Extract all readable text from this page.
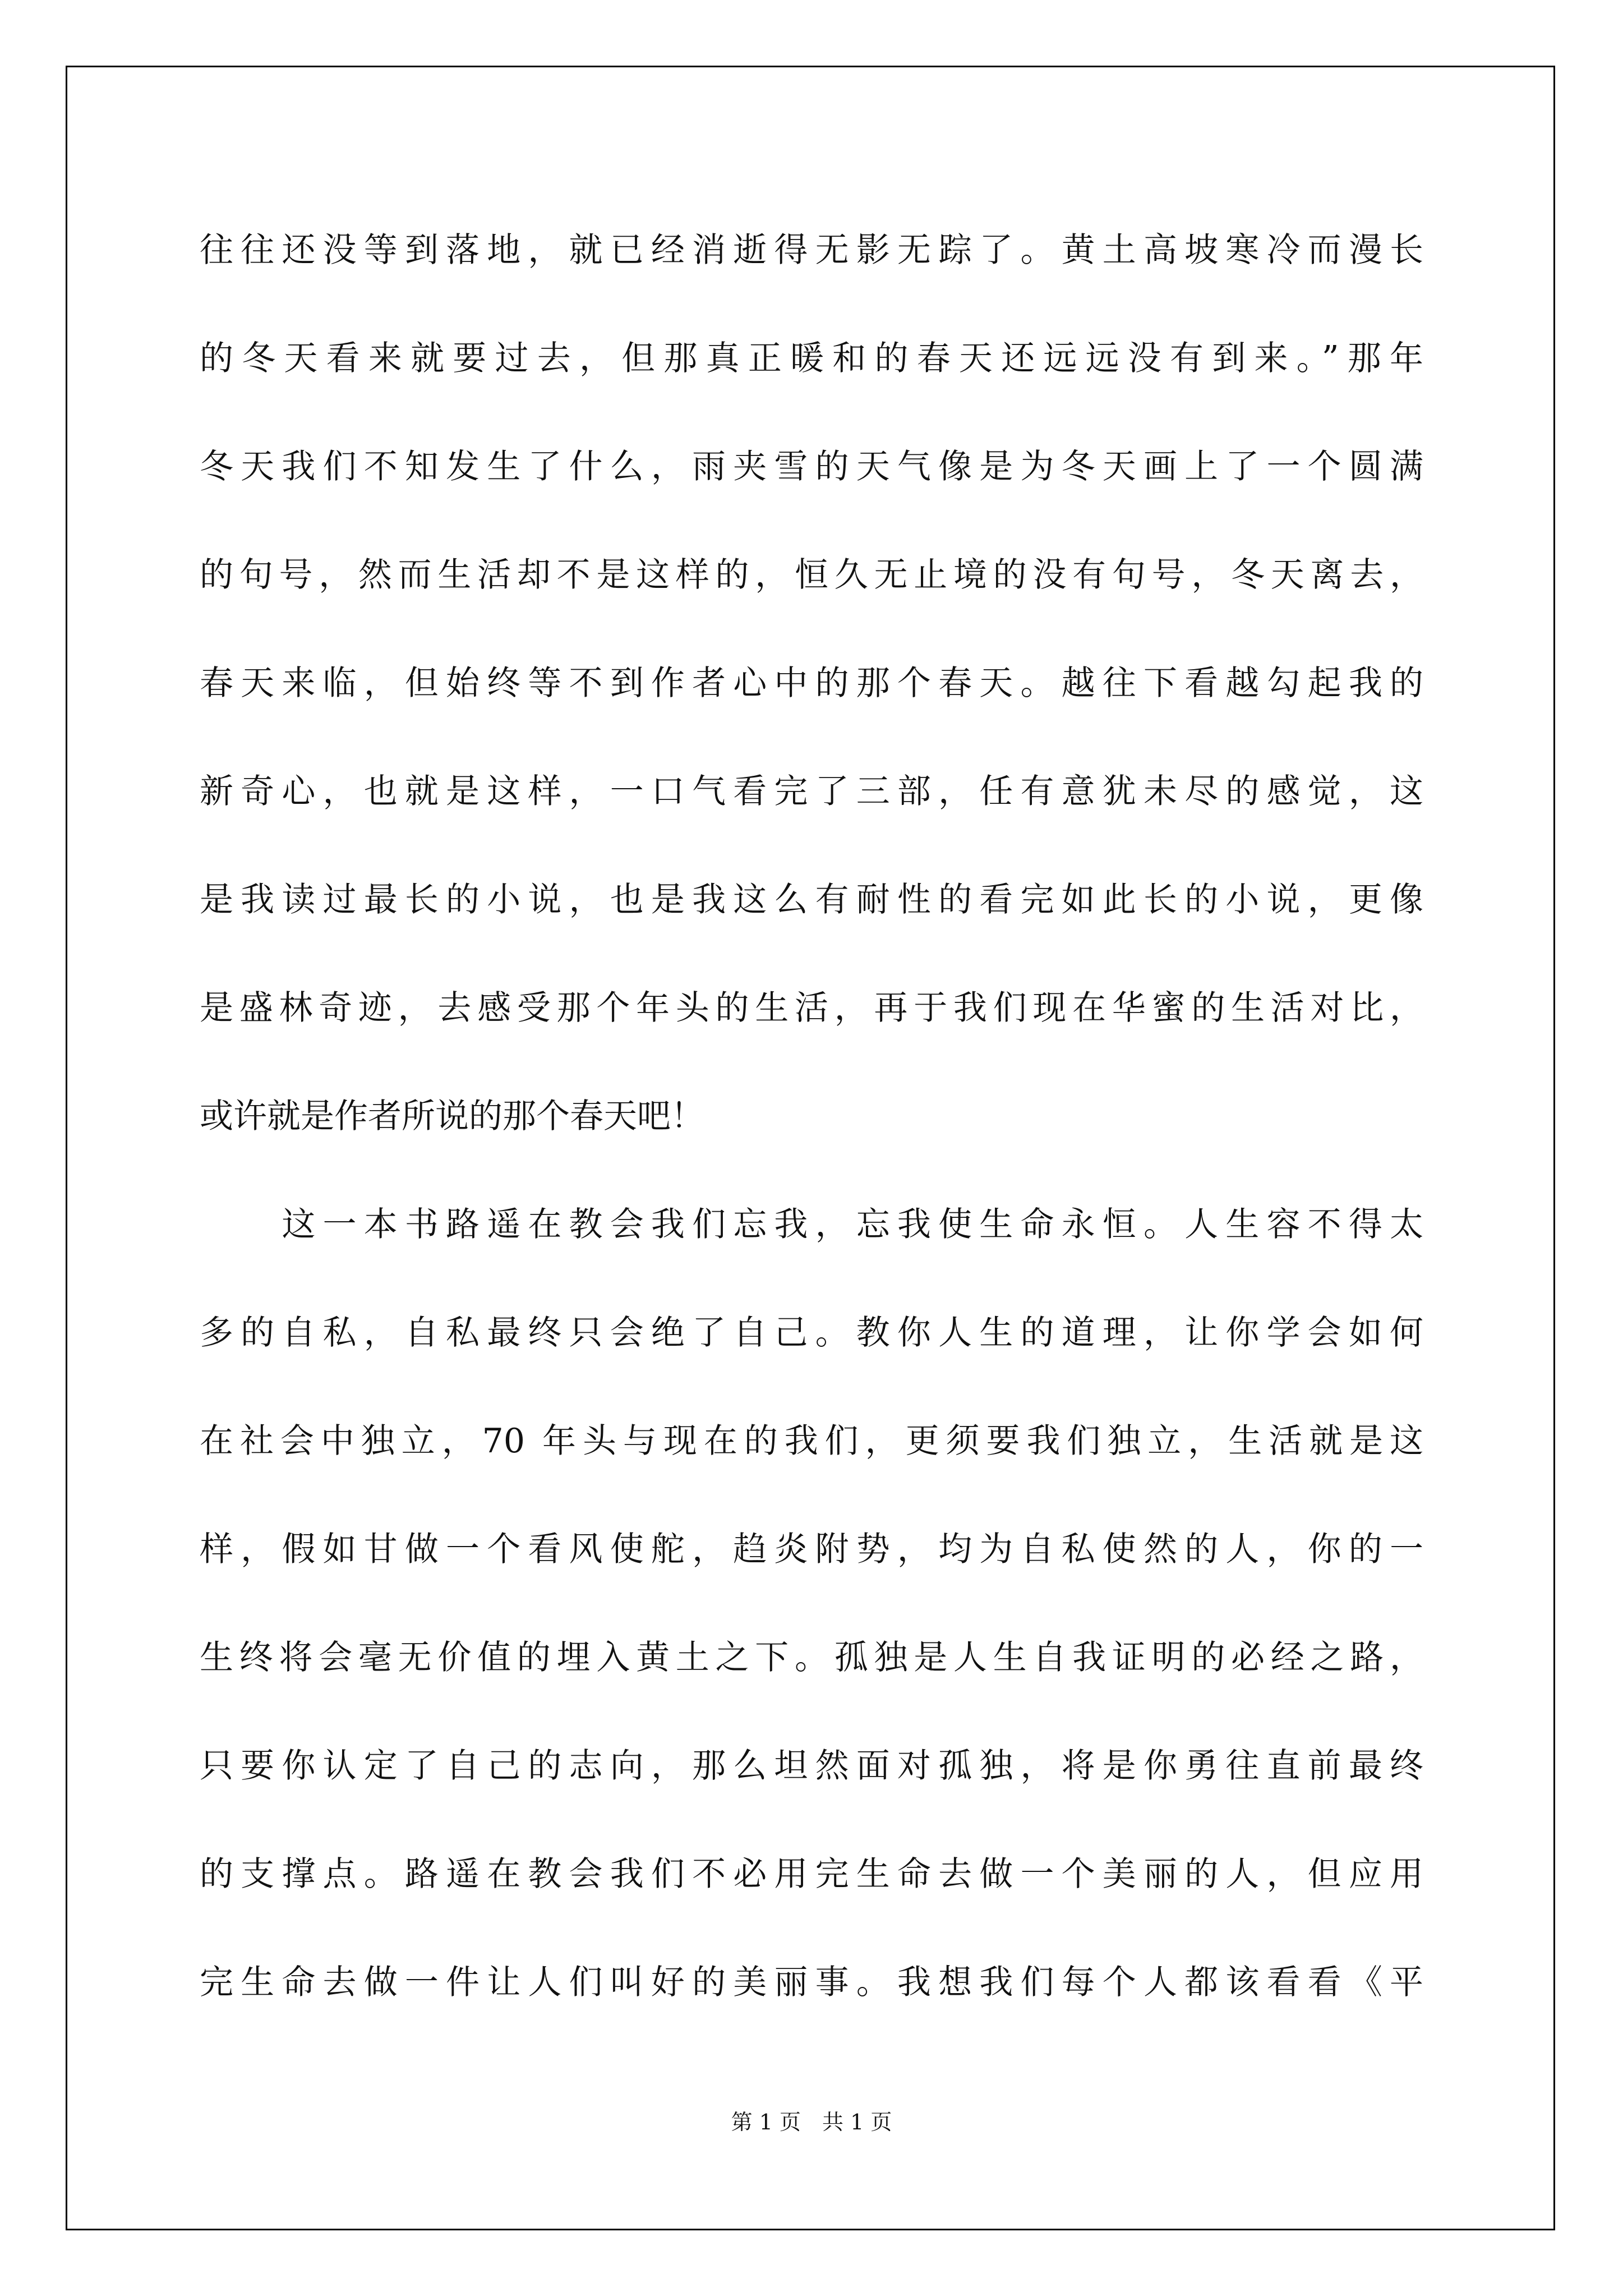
往往还没等到落地，就已经消逝得无影无踪了。黄土高坡寒冷而漫长
的冬天看来就要过去，但那真正暖和的春天还远远没有到来。”那年
冬天我们不知发生了什么，雨夹雪的天气像是为冬天画上了一个圆满
的句号，然而生活却不是这样的，恒久无止境的没有句号，冬天离去，
春天来临，但始终等不到作者心中的那个春天。越往下看越勾起我的
新奇心，也就是这样，一口气看完了三部，任有意犹未尽的感觉，这
是我读过最长的小说，也是我这么有耐性的看完如此长的小说，更像
是盛林奇迹，去感受那个年头的生活，再于我们现在华蜜的生活对比，
或许就是作者所说的那个春天吧！
　　这一本书路遥在教会我们忘我，忘我使生命永恒。人生容不得太
多的自私，自私最终只会绝了自己。教你人生的道理，让你学会如何
在社会中独立，70 年头与现在的我们，更须要我们独立，生活就是这
样，假如甘做一个看风使舵，趋炎附势，均为自私使然的人，你的一
生终将会毫无价值的埋入黄土之下。孤独是人生自我证明的必经之路，
只要你认定了自己的志向，那么坦然面对孤独，将是你勇往直前最终
的支撑点。路遥在教会我们不必用完生命去做一个美丽的人，但应用
完生命去做一件让人们叫好的美丽事。我想我们每个人都该看看《平
第 1 页　共 1 页
